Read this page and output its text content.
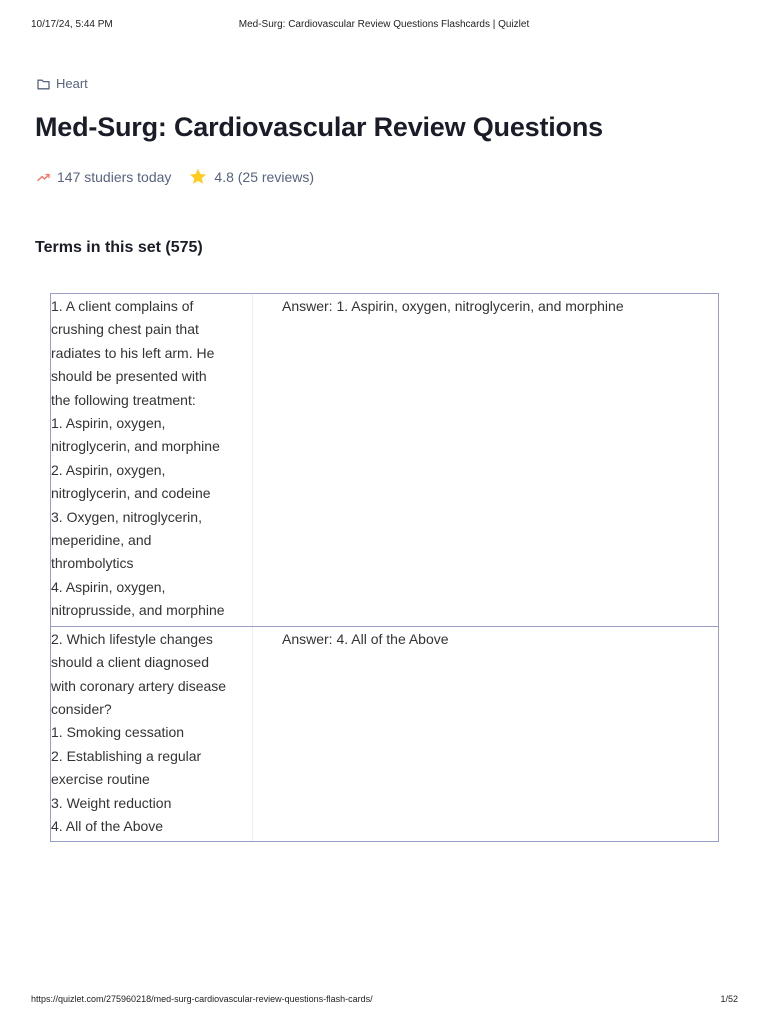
10/17/24, 5:44 PM	Med-Surg: Cardiovascular Review Questions Flashcards | Quizlet
Heart
Med-Surg: Cardiovascular Review Questions
147 studiers today	4.8 (25 reviews)
Terms in this set (575)
1. A client complains of
crushing chest pain that
radiates to his left arm. He
should be presented with
the following treatment:
1. Aspirin, oxygen,
nitroglycerin, and morphine
2. Aspirin, oxygen,
nitroglycerin, and codeine
3. Oxygen, nitroglycerin,
meperidine, and
thrombolytics
4. Aspirin, oxygen,
nitroprusside, and morphine
Answer: 1. Aspirin, oxygen, nitroglycerin, and morphine
2. Which lifestyle changes
should a client diagnosed
with coronary artery disease
consider?
1. Smoking cessation
2. Establishing a regular
exercise routine
3. Weight reduction
4. All of the Above
Answer: 4. All of the Above
https://quizlet.com/275960218/med-surg-cardiovascular-review-questions-flash-cards/	1/52
